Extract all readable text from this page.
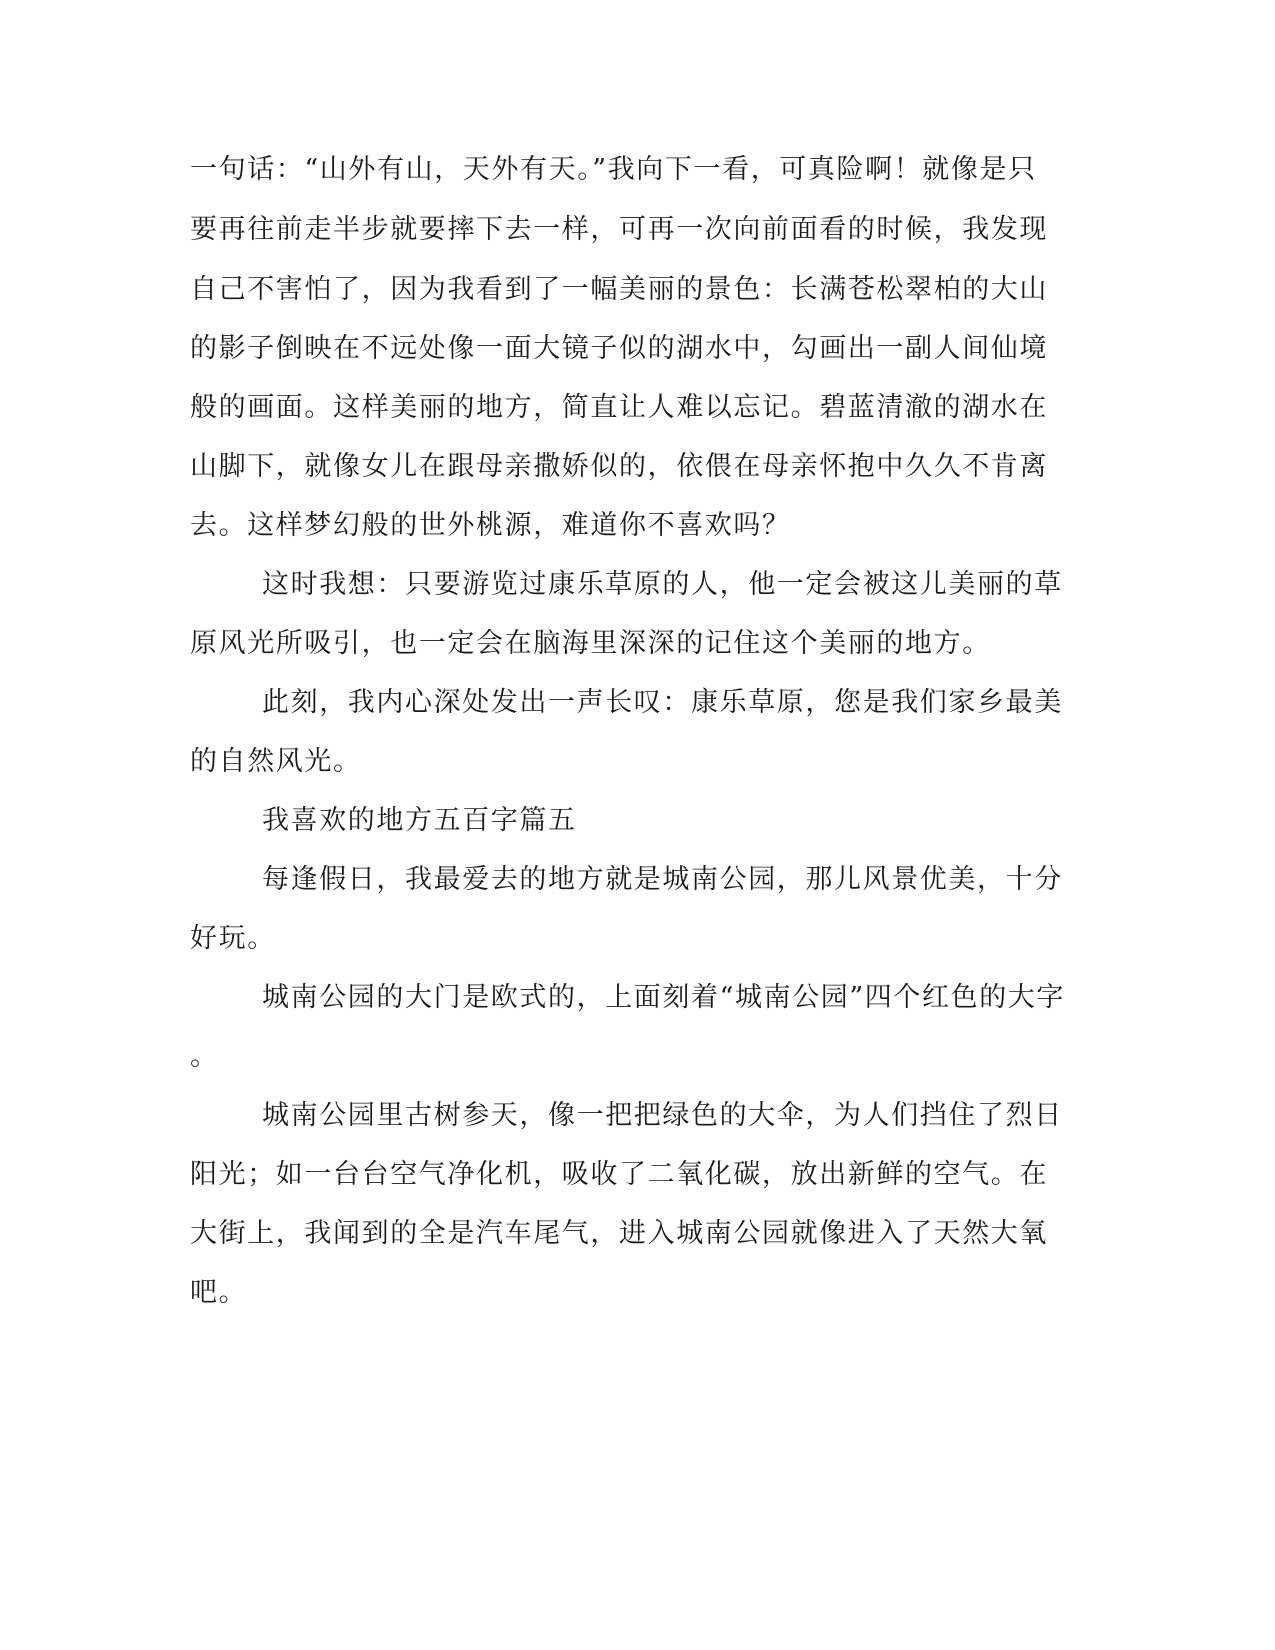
一句话：“山外有山，天外有天。”我向下一看，可真险啊！就像是只
要再往前走半步就要摔下去一样，可再一次向前面看的时候，我发现
自己不害怕了，因为我看到了一幅美丽的景色：长满苍松翠柏的大山
的影子倒映在不远处像一面大镜子似的湖水中，勾画出一副人间仙境
般的画面。这样美丽的地方，简直让人难以忘记。碧蓝清澈的湖水在
山脚下，就像女儿在跟母亲撒娇似的，依偎在母亲怀抱中久久不肯离
去。这样梦幻般的世外桃源，难道你不喜欢吗？
这时我想：只要游览过康乐草原的人，他一定会被这儿美丽的草
原风光所吸引，也一定会在脑海里深深的记住这个美丽的地方。
此刻，我内心深处发出一声长叹：康乐草原，您是我们家乡最美
的自然风光。
我喜欢的地方五百字篇五
每逢假日，我最爱去的地方就是城南公园，那儿风景优美，十分
好玩。
城南公园的大门是欧式的，上面刻着“城南公园”四个红色的大字
。
城南公园里古树参天，像一把把绿色的大伞，为人们挡住了烈日
阳光；如一台台空气净化机，吸收了二氧化碳，放出新鲜的空气。在
大街上，我闻到的全是汽车尾气，进入城南公园就像进入了天然大氧
吧。
